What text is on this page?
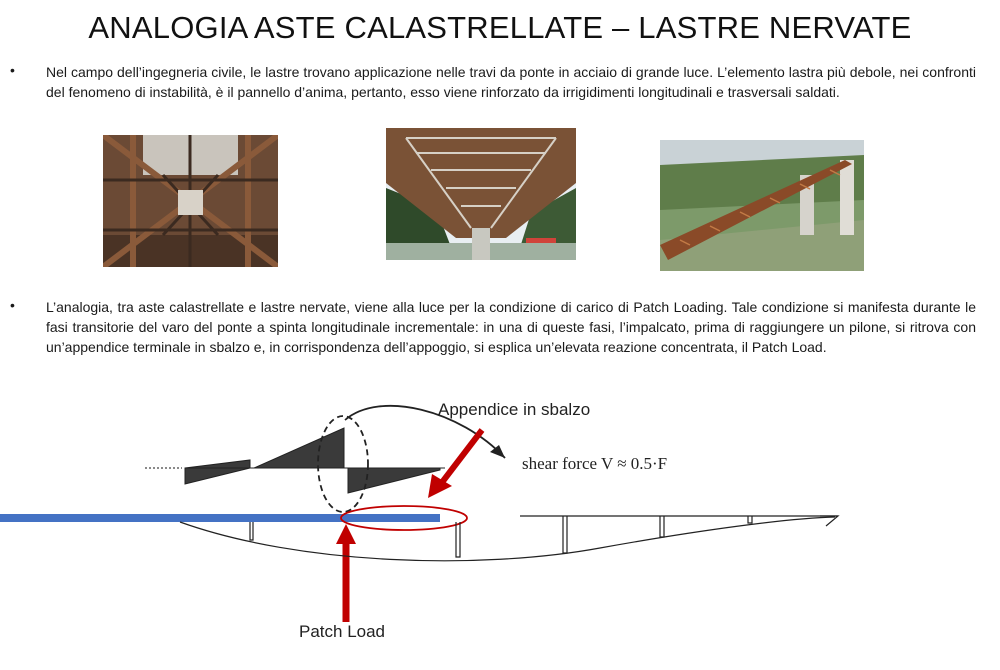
ANALOGIA ASTE CALASTRELLATE – LASTRE NERVATE
• Nel campo dell’ingegneria civile, le lastre trovano applicazione nelle travi da ponte in acciaio di grande luce. L’elemento lastra più debole, nei confronti del fenomeno di instabilità, è il pannello d’anima, pertanto, esso viene rinforzato da irrigidimenti longitudinali e trasversali saldati.
• L’analogia, tra aste calastrellate e lastre nervate, viene alla luce per la condizione di carico di Patch Loading. Tale condizione si manifesta durante le fasi transitorie del varo del ponte a spinta longitudinale incrementale: in una di queste fasi, l’impalcato, prima di raggiungere un pilone, si ritrova con un’appendice terminale in sbalzo e, in corrispondenza dell’appoggio, si esplica un’elevata reazione concentrata, il Patch Load.
Appendice in sbalzo
shear force V ≈ 0.5·F
Patch Load
